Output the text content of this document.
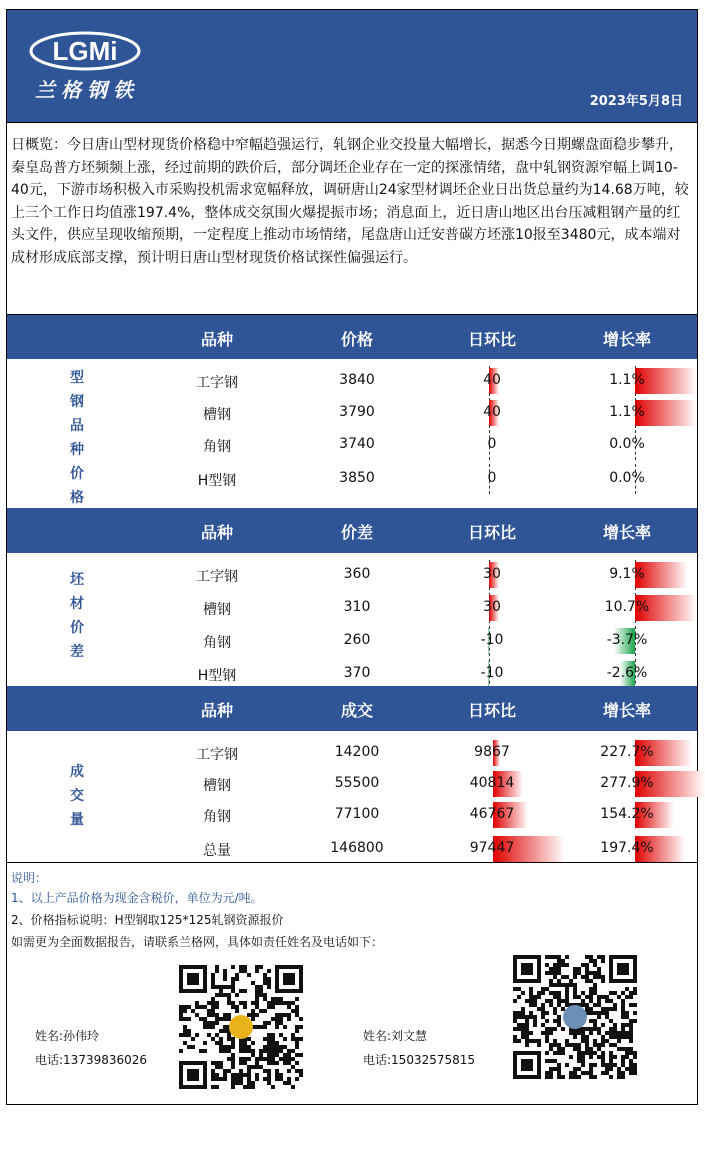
LGMi
兰格钢铁	2023年5月8日
日概览：今日唐山型材现货价格稳中窄幅趋强运行，轧钢企业交投量大幅增长，据悉今日期螺盘面稳步攀升，秦皇岛普方坯频频上涨，经过前期的跌价后，部分调坯企业存在一定的探涨情绪，盘中轧钢资源窄幅上调10-40元，下游市场积极入市采购投机需求宽幅释放，调研唐山24家型材调坯企业日出货总量约为14.68万吨，较上三个工作日均值涨197.4%，整体成交氛围火爆提振市场；消息面上，近日唐山地区出台压减粗钢产量的红头文件，供应呈现收缩预期，一定程度上推动市场情绪，尾盘唐山迁安普碳方坯涨10报至3480元，成本端对成材形成底部支撑，预计明日唐山型材现货价格试探性偏强运行。
品种	价格	日环比	增长率
型
钢
品
种
价
格
工字钢	3840	40	1.1%
槽钢	3790	40	1.1%
角钢	3740	0	0.0%
H型钢	3850	0	0.0%
品种	价差	日环比	增长率
坯
材
价
差
工字钢	360	30	9.1%
槽钢	310	30	10.7%
角钢	260	-10	-3.7%
H型钢	370	-10	-2.6%
品种	成交	日环比	增长率
成
交
量
工字钢	14200	9867	227.7%
槽钢	55500	40814	277.9%
角钢	77100	46767	154.2%
总量	146800	97447	197.4%

说明：

1、以上产品价格为现金含税价，单位为元/吨。

2、价格指标说明：H型钢取125*125轧钢资源报价

如需更为全面数据报告，请联系兰格网，具体如责任姓名及电话如下：

姓名:孙伟玲
电话:13739836026
姓名:刘文慧
电话:15032575815
